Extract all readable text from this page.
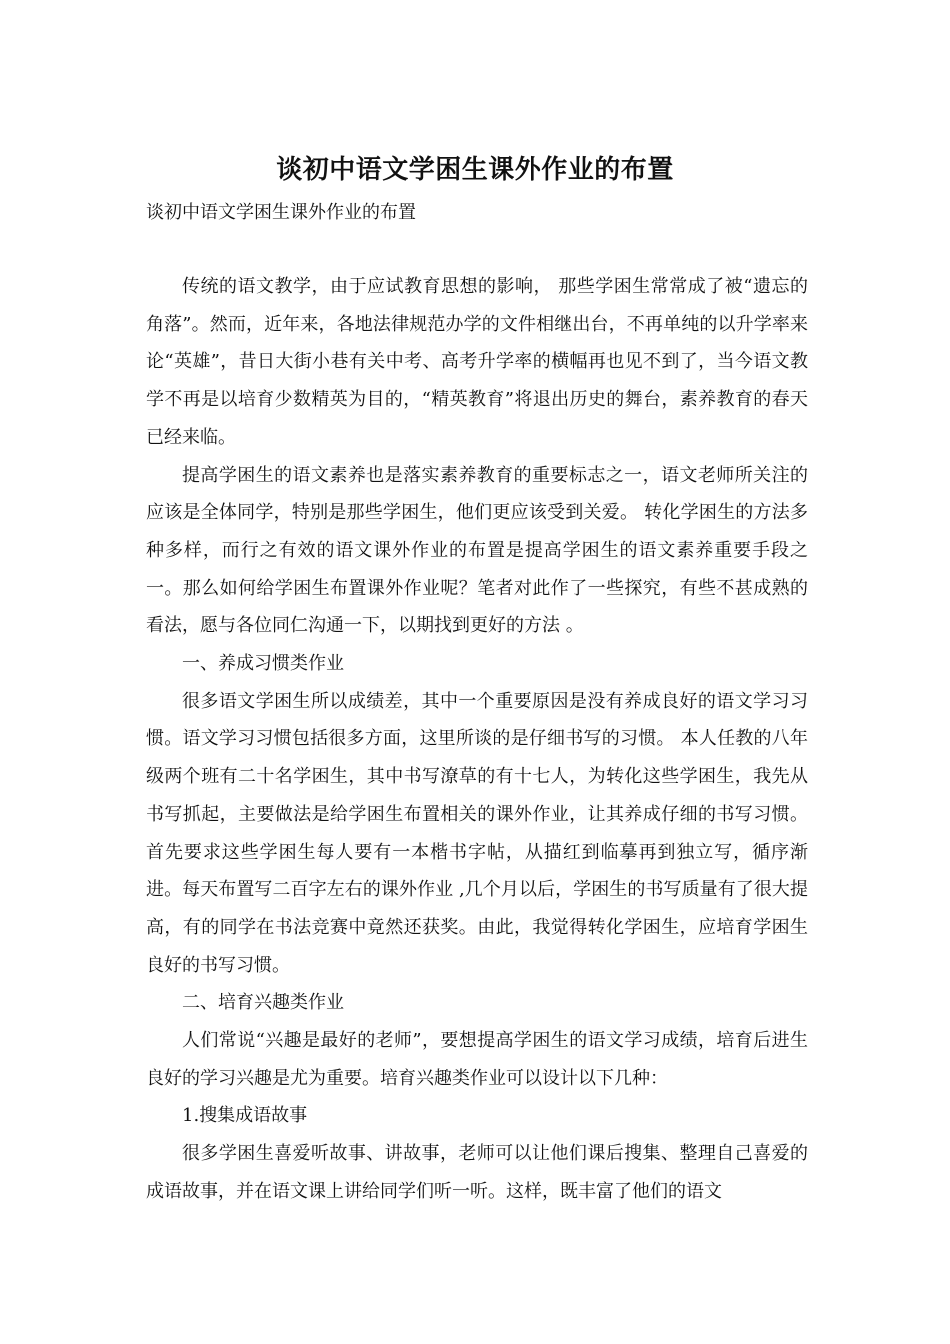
谈初中语文学困生课外作业的布置
谈初中语文学困生课外作业的布置

传统的语文教学，由于应试教育思想的影响， 那些学困生常常成了被“遗忘的角落”。然而，近年来，各地法律规范办学的文件相继出台，不再单纯的以升学率来论“英雄”，昔日大街小巷有关中考、高考升学率的横幅再也见不到了，当今语文教学不再是以培育少数精英为目的，“精英教育”将退出历史的舞台，素养教育的春天已经来临。

提高学困生的语文素养也是落实素养教育的重要标志之一，语文老师所关注的应该是全体同学，特别是那些学困生，他们更应该受到关爱。 转化学困生的方法多种多样，而行之有效的语文课外作业的布置是提高学困生的语文素养重要手段之一。那么如何给学困生布置课外作业呢？笔者对此作了一些探究，有些不甚成熟的看法，愿与各位同仁沟通一下，以期找到更好的方法 。

一、养成习惯类作业

很多语文学困生所以成绩差，其中一个重要原因是没有养成良好的语文学习习惯。语文学习习惯包括很多方面，这里所谈的是仔细书写的习惯。 本人任教的八年级两个班有二十名学困生，其中书写潦草的有十七人，为转化这些学困生，我先从书写抓起，主要做法是给学困生布置相关的课外作业，让其养成仔细的书写习惯。首先要求这些学困生每人要有一本楷书字帖，从描红到临摹再到独立写，循序渐进。每天布置写二百字左右的课外作业 ,几个月以后，学困生的书写质量有了很大提高，有的同学在书法竞赛中竟然还获奖。由此，我觉得转化学困生，应培育学困生良好的书写习惯。

二、培育兴趣类作业

人们常说“兴趣是最好的老师”，要想提高学困生的语文学习成绩，培育后进生良好的学习兴趣是尤为重要。培育兴趣类作业可以设计以下几种：

1.搜集成语故事

很多学困生喜爱听故事、讲故事，老师可以让他们课后搜集、整理自己喜爱的成语故事，并在语文课上讲给同学们听一听。这样，既丰富了他们的语文
